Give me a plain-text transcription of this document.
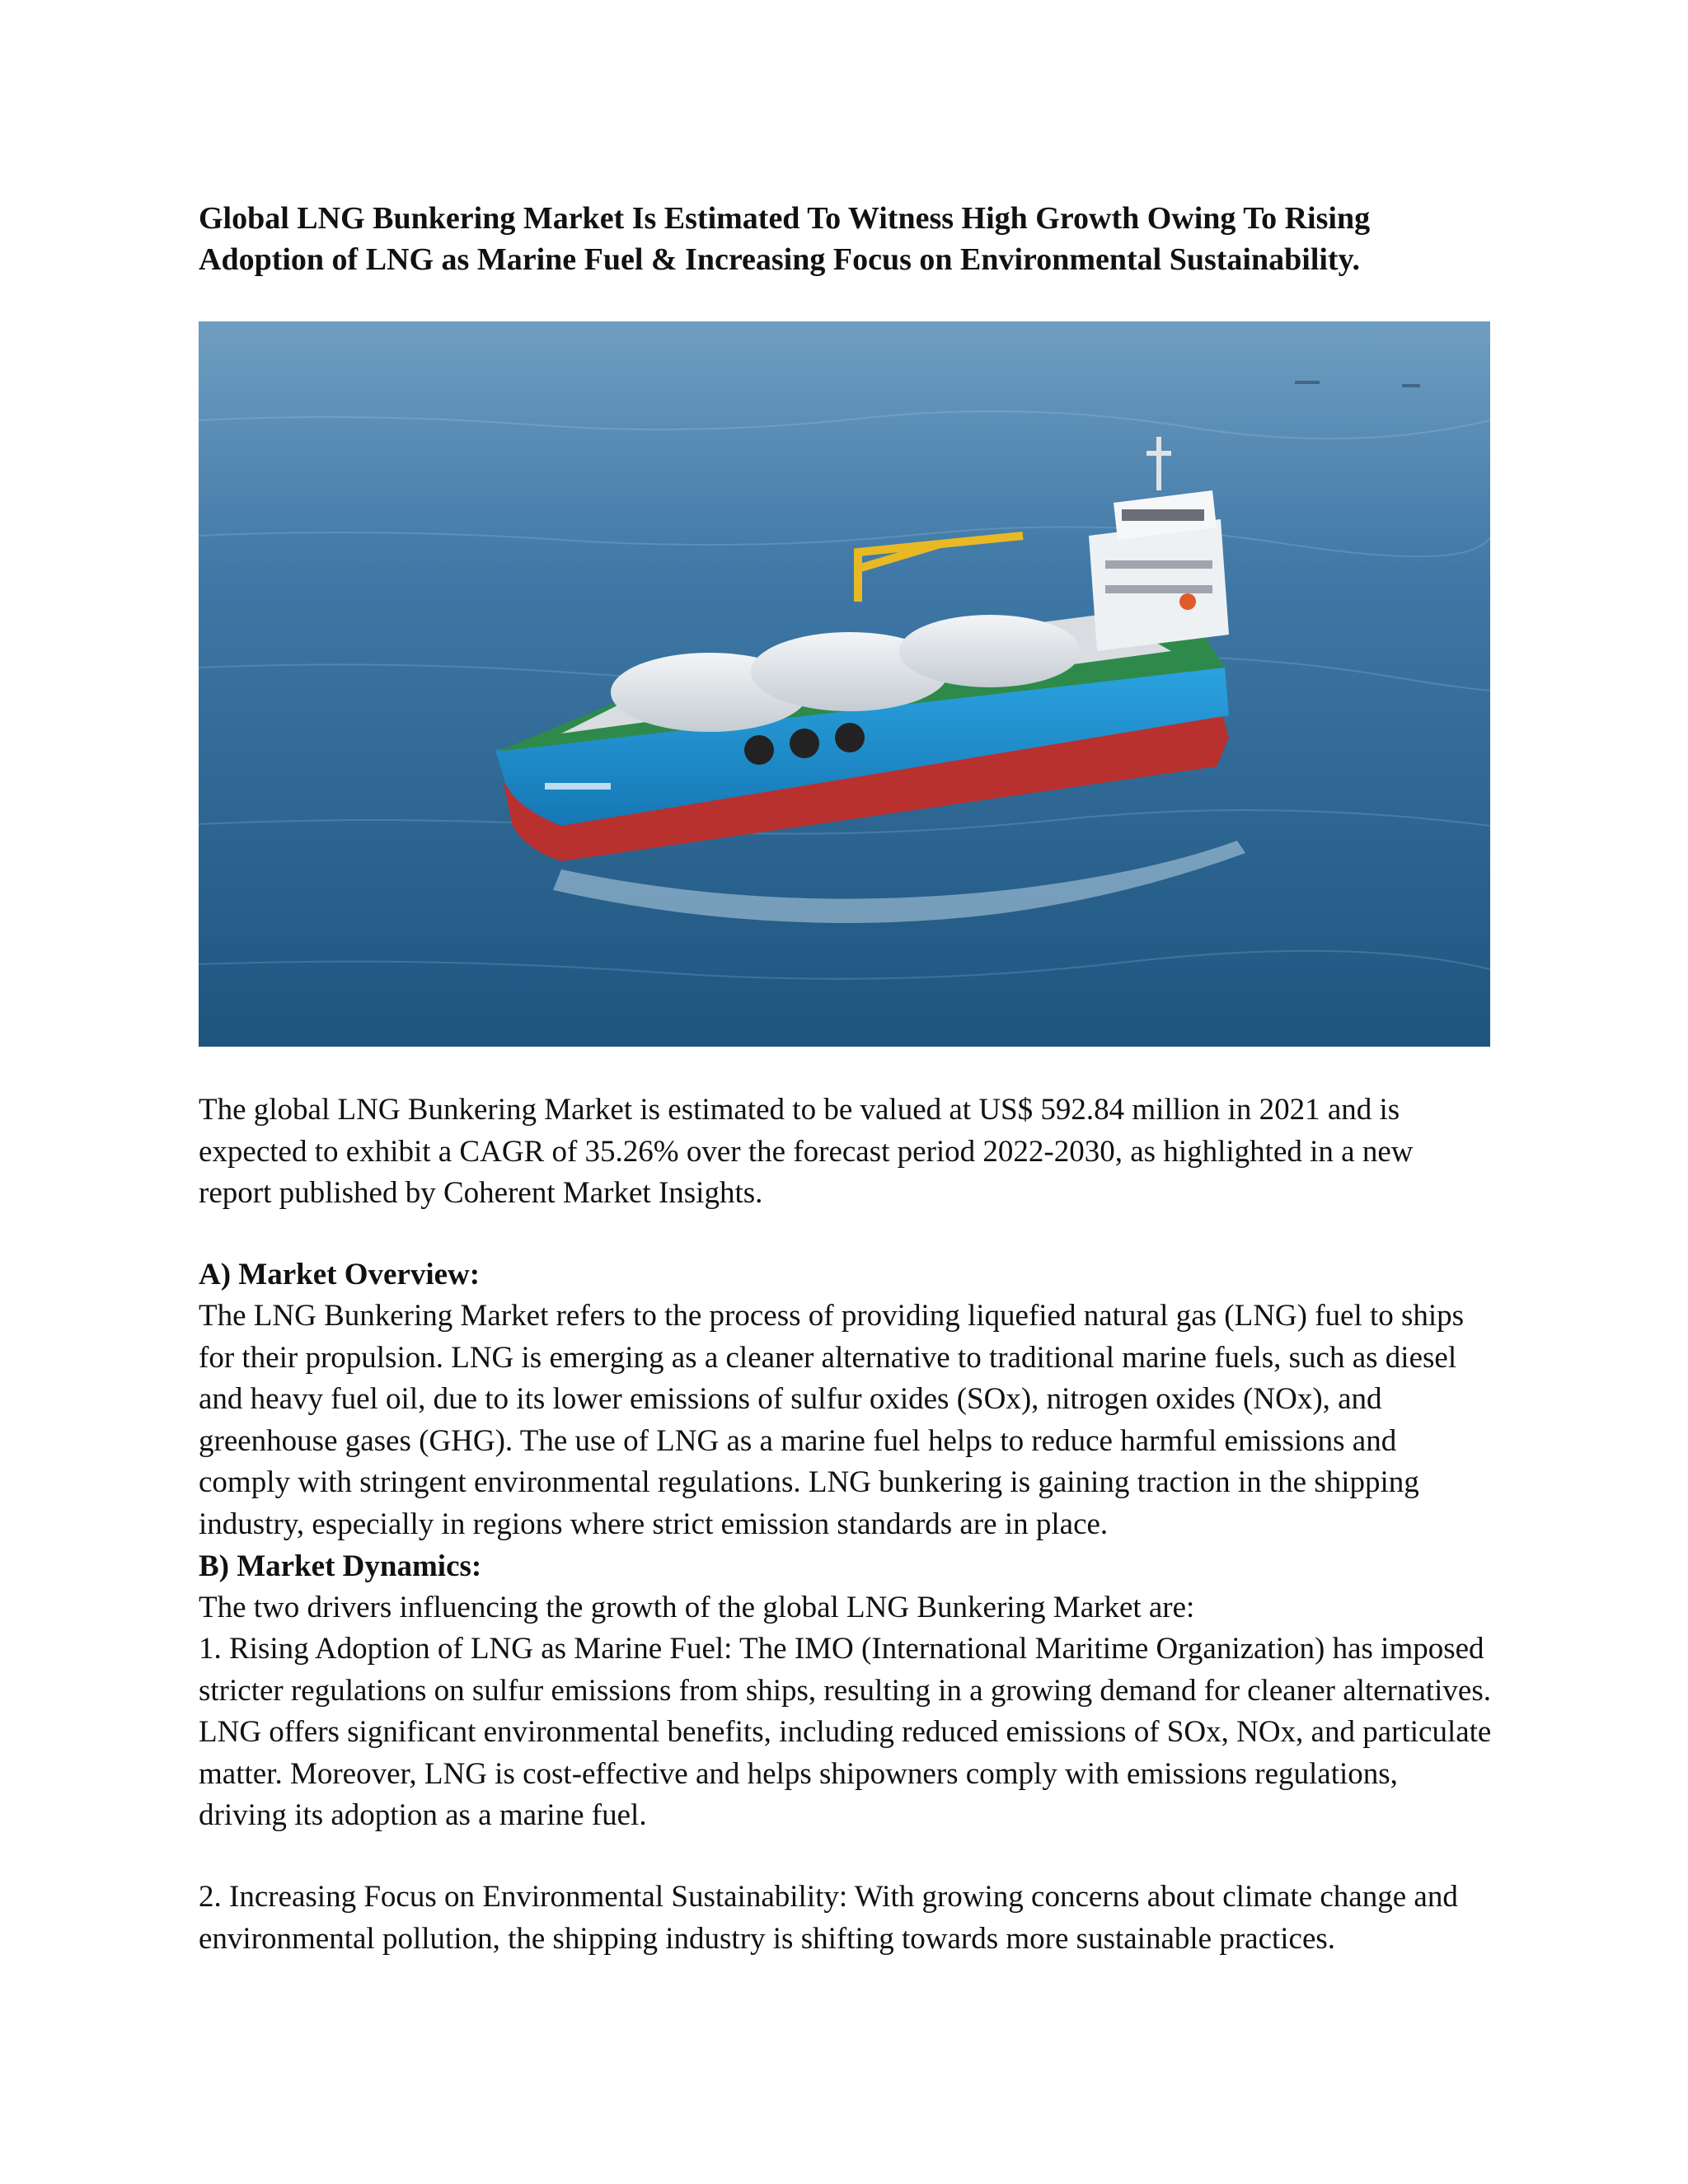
Global LNG Bunkering Market Is Estimated To Witness High Growth Owing To Rising Adoption of LNG as Marine Fuel & Increasing Focus on Environmental Sustainability.

The global LNG Bunkering Market is estimated to be valued at US$ 592.84 million in 2021 and is expected to exhibit a CAGR of 35.26% over the forecast period 2022-2030, as highlighted in a new report published by Coherent Market Insights.

A) Market Overview:

The LNG Bunkering Market refers to the process of providing liquefied natural gas (LNG) fuel to ships for their propulsion. LNG is emerging as a cleaner alternative to traditional marine fuels, such as diesel and heavy fuel oil, due to its lower emissions of sulfur oxides (SOx), nitrogen oxides (NOx), and greenhouse gases (GHG). The use of LNG as a marine fuel helps to reduce harmful emissions and comply with stringent environmental regulations. LNG bunkering is gaining traction in the shipping industry, especially in regions where strict emission standards are in place.

B) Market Dynamics:

The two drivers influencing the growth of the global LNG Bunkering Market are:

1. Rising Adoption of LNG as Marine Fuel: The IMO (International Maritime Organization) has imposed stricter regulations on sulfur emissions from ships, resulting in a growing demand for cleaner alternatives. LNG offers significant environmental benefits, including reduced emissions of SOx, NOx, and particulate matter. Moreover, LNG is cost-effective and helps shipowners comply with emissions regulations, driving its adoption as a marine fuel.

2. Increasing Focus on Environmental Sustainability: With growing concerns about climate change and environmental pollution, the shipping industry is shifting towards more sustainable practices.
